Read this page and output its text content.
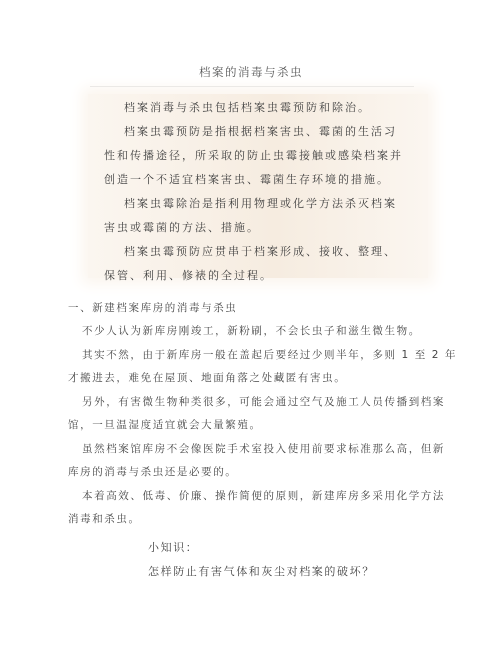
档案的消毒与杀虫
档案消毒与杀虫包括档案虫霉预防和除治。
档案虫霉预防是指根据档案害虫、霉菌的生活习
性和传播途径，所采取的防止虫霉接触或感染档案并
创造一个不适宜档案害虫、霉菌生存环境的措施。
档案虫霉除治是指利用物理或化学方法杀灭档案
害虫或霉菌的方法、措施。
档案虫霉预防应贯串于档案形成、接收、整理、
保管、利用、修裱的全过程。
一、新建档案库房的消毒与杀虫
不少人认为新库房刚竣工，新粉刷，不会长虫子和滋生微生物。
其实不然，由于新库房一般在盖起后要经过少则半年，多则 1 至 2 年
才搬进去，难免在屋顶、地面角落之处藏匿有害虫。
另外，有害微生物种类很多，可能会通过空气及施工人员传播到档案
馆，一旦温湿度适宜就会大量繁殖。
虽然档案馆库房不会像医院手术室投入使用前要求标准那么高，但新
库房的消毒与杀虫还是必要的。
本着高效、低毒、价廉、操作简便的原则，新建库房多采用化学方法
消毒和杀虫。
小知识：
怎样防止有害气体和灰尘对档案的破坏？
